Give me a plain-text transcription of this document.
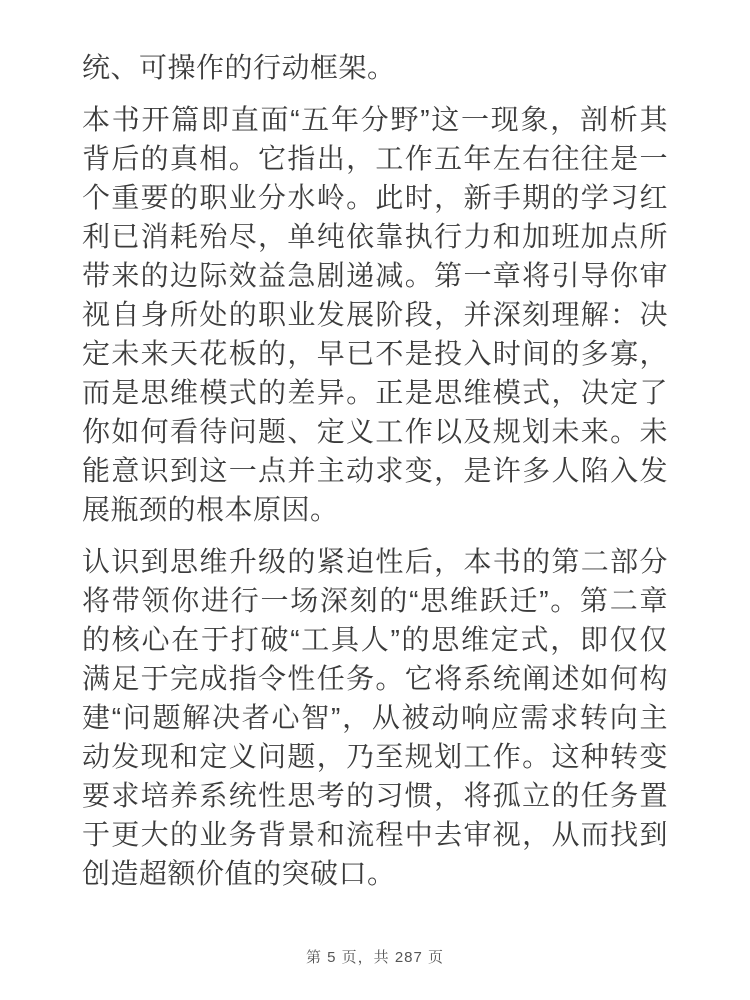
统、可操作的行动框架。

本书开篇即直面“五年分野”这一现象，剖析其背后的真相。它指出，工作五年左右往往是一个重要的职业分水岭。此时，新手期的学习红利已消耗殆尽，单纯依靠执行力和加班加点所带来的边际效益急剧递减。第一章将引导你审视自身所处的职业发展阶段，并深刻理解：决定未来天花板的，早已不是投入时间的多寡，而是思维模式的差异。正是思维模式，决定了你如何看待问题、定义工作以及规划未来。未能意识到这一点并主动求变，是许多人陷入发展瓶颈的根本原因。

认识到思维升级的紧迫性后，本书的第二部分将带领你进行一场深刻的“思维跃迁”。第二章的核心在于打破“工具人”的思维定式，即仅仅满足于完成指令性任务。它将系统阐述如何构建“问题解决者心智”，从被动响应需求转向主动发现和定义问题，乃至规划工作。这种转变要求培养系统性思考的习惯，将孤立的任务置于更大的业务背景和流程中去审视，从而找到创造超额价值的突破口。

第 5 页，共 287 页
